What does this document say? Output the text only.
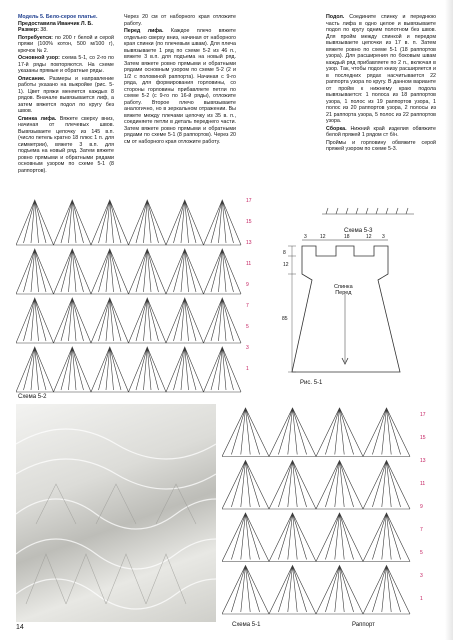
Модель 5. Бело-серое платье.
Предоставила Иванчик Л. Б.
Размер: 38.

Потребуется: по 200 г белой и серой пряжи (100% котон, 500 м/100 г), крючок № 2.

Основной узор: схема 5-1, со 2-го по 17-й ряды повторяются. На схеме указаны прямые и обратные ряды.

Описание. Размеры и направление работы указано на выкройке (рис. 5-1). Цвет пряжи меняется каждых 8 рядов. Вначале вывязывается лиф, а затем вяжется подол по кругу без швов.

Спинка лифа. Вяжете сверху вниз, начиная от плечевых швов. Вывязываете цепочку из 145 в.п. (число петель кратно 18 плюс 1 п. для симметрии), вяжете 3 в.п. для подъема на новый ряд. Затем вяжете ровно прямыми и обратными рядами основным узором по схеме 5-1 (8 раппортов).

Через 20 см от наборного края отложите работу.

Перед лифа. Каждое плечо вяжете отдельно сверху вниз, начиная от наборного края спинки (по плечевым швам). Для плеча вывязываете 1 ряд по схеме 5-2 из 46 п., вяжете 3 в.п. для подъема на новый ряд. Затем вяжете ровно прямыми и обратными рядами основным узором по схеме 5-2 (2 и 1/2 с половиной раппорта). Начиная с 9-го ряда, для формирования горловины, со стороны горловины прибавляете петли по схеме 5-2 (с 9-го по 16-й ряды), отложите работу. Второе плечо вывязываете аналогично, но в зеркальном отражении. Вы вяжете между плечами цепочку из 35 в. п., соединяете петли в деталь переднего части. Затем вяжете ровно прямыми и обратными рядами по схеме 5-1 (8 раппортов). Через 20 см от наборного края отложите работу.

Подол. Соедините спинку и переднюю часть лифа в одно целое и вывязываете подол по кругу одним полотном без швов. Для пройм между спинкой и передом вывязываете цепочки из 17 в. п. Затем вяжете ровно по схеме 5-1 (18 раппортов узора). Для расширения по боковым швам каждый ряд прибавляете по 2 п., включая в узор. Так, чтобы подол книзу расширяется и в последних рядах насчитывается 22 раппорта узора по кругу. В данном варианте от пройм к нижнему краю подола вывязывается: 1 полоса из 18 раппортов узора, 1 полос из 19 раппортов узора, 1 полос из 20 раппортов узора, 2 полосы из 21 раппорта узора, 5 полос из 22 раппортов узора.

Сборка. Нижний край изделия обвяжите белой пряжей 1 рядом ст б/н.

Проймы и горловину обвяжите серой пряжей узором по схеме 5-3.

Схема 5-2
17
15
13
11
9
7
5
3
1
Схема 5-3
3	12	18	12 3
8
12
85
Спинка
Перед
Рис. 5-1
17
15
13
11
9
7
5
3
1
Схема 5-1	Раппорт
14
